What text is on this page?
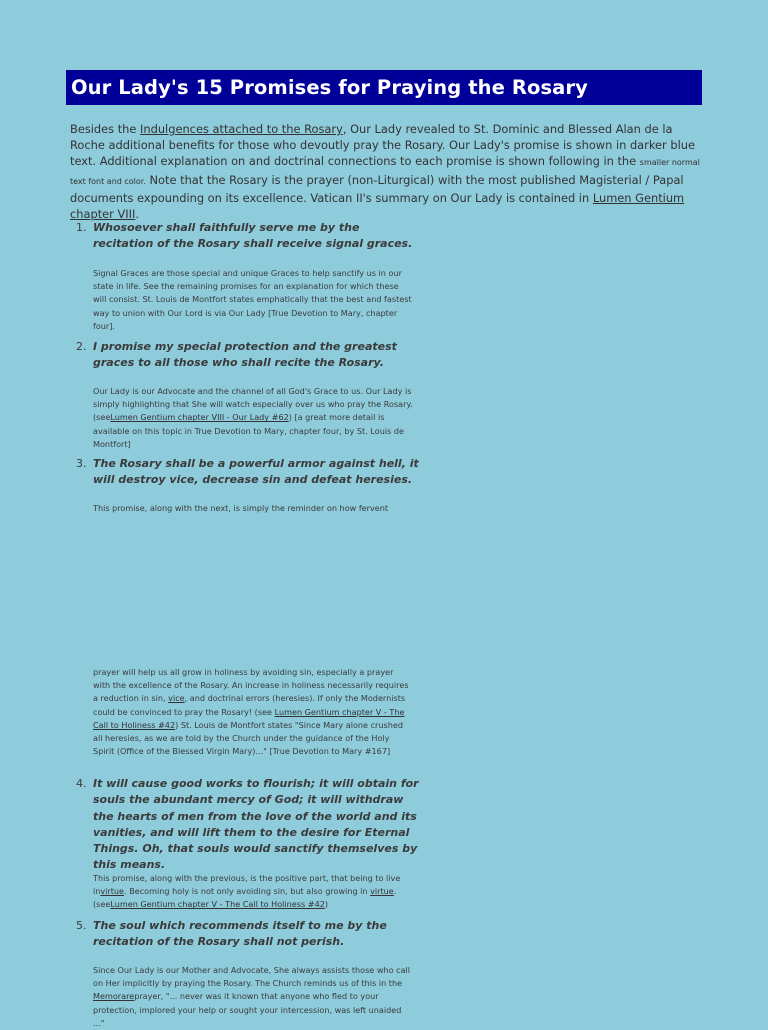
Our Lady's 15 Promises for Praying the Rosary
Besides the Indulgences attached to the Rosary, Our Lady revealed to St. Dominic and Blessed Alan de la Roche additional benefits for those who devoutly pray the Rosary. Our Lady's promise is shown in darker blue text. Additional explanation on and doctrinal connections to each promise is shown following in the smaller normal text font and color. Note that the Rosary is the prayer (non-Liturgical) with the most published Magisterial / Papal documents expounding on its excellence. Vatican II's summary on Our Lady is contained in Lumen Gentium chapter VIII.
1. Whosoever shall faithfully serve me by the recitation of the Rosary shall receive signal graces.
Signal Graces are those special and unique Graces to help sanctify us in our state in life. See the remaining promises for an explanation for which these will consist. St. Louis de Montfort states emphatically that the best and fastest way to union with Our Lord is via Our Lady [True Devotion to Mary, chapter four].
2. I promise my special protection and the greatest graces to all those who shall recite the Rosary.
Our Lady is our Advocate and the channel of all God's Grace to us. Our Lady is simply highlighting that She will watch especially over us who pray the Rosary. (seeLumen Gentium chapter VIII - Our Lady #62) [a great more detail is available on this topic in True Devotion to Mary, chapter four, by St. Louis de Montfort]
3. The Rosary shall be a powerful armor against hell, it will destroy vice, decrease sin and defeat heresies.
This promise, along with the next, is simply the reminder on how fervent
prayer will help us all grow in holiness by avoiding sin, especially a prayer with the excellence of the Rosary. An increase in holiness necessarily requires a reduction in sin, vice, and doctrinal errors (heresies). If only the Modernists could be convinced to pray the Rosary! (see Lumen Gentium chapter V - The Call to Holiness #42) St. Louis de Montfort states "Since Mary alone crushed all heresies, as we are told by the Church under the guidance of the Holy Spirit (Office of the Blessed Virgin Mary)..." [True Devotion to Mary #167]
4. It will cause good works to flourish; it will obtain for souls the abundant mercy of God; it will withdraw the hearts of men from the love of the world and its vanities, and will lift them to the desire for Eternal Things. Oh, that souls would sanctify themselves by this means.
This promise, along with the previous, is the positive part, that being to live invirtue. Becoming holy is not only avoiding sin, but also growing in virtue. (seeLumen Gentium chapter V - The Call to Holiness #42)
5. The soul which recommends itself to me by the recitation of the Rosary shall not perish.
Since Our Lady is our Mother and Advocate, She always assists those who call on Her implicitly by praying the Rosary. The Church reminds us of this in the Memorareprayer, "... never was it known that anyone who fled to your protection, implored your help or sought your intercession, was left unaided ..."
